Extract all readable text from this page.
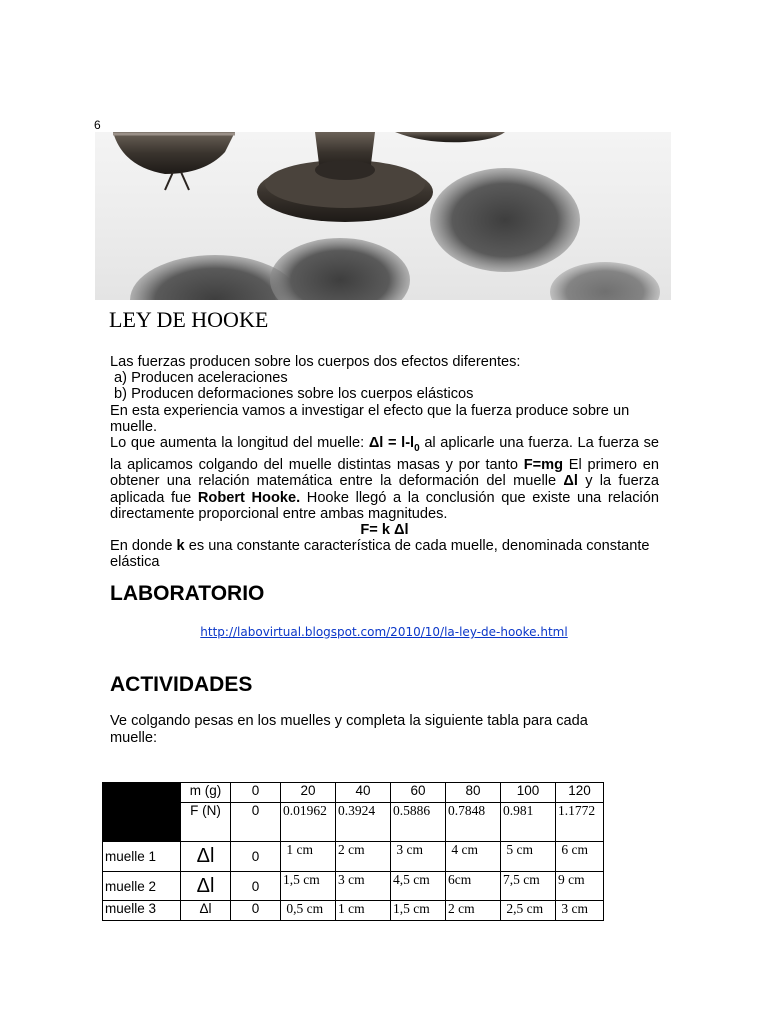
6
LEY DE HOOKE

Las fuerzas producen sobre los cuerpos dos efectos diferentes:

a) Producen aceleraciones

b) Producen deformaciones sobre los cuerpos elásticos

En esta experiencia vamos a investigar el efecto que la fuerza produce sobre un muelle.

Lo que aumenta la longitud del muelle: $\Delta l = l-l_0$ al aplicarle una fuerza. La fuerza se la aplicamos colgando del muelle distintas masas y por tanto F=mg El primero en obtener una relación matemática entre la deformación del muelle Δl y la fuerza aplicada fue Robert Hooke. Hooke llegó a la conclusión que existe una relación directamente proporcional entre ambas magnitudes.

F= k Δl

En donde k es una constante característica de cada muelle, denominada constante elástica

LABORATORIO
http://labovirtual.blogspot.com/2010/10/la-ley-de-hooke.html
ACTIVIDADES
Ve colgando pesas en los muelles y completa la siguiente tabla para cada muelle:
	m (g)	0	20	40	60	80	100	120
	F (N)	0	0.01962	0.3924	0.5886	0.7848	0.981	1.1772
muelle 1	Δl	0	1 cm	2 cm	3 cm	4 cm	5 cm	6 cm
muelle 2	Δl	0	1,5 cm	3 cm	4,5 cm	6cm	7,5 cm	9 cm
muelle 3	Δl	0	0,5 cm	1 cm	1,5 cm	2 cm	2,5 cm	3 cm
